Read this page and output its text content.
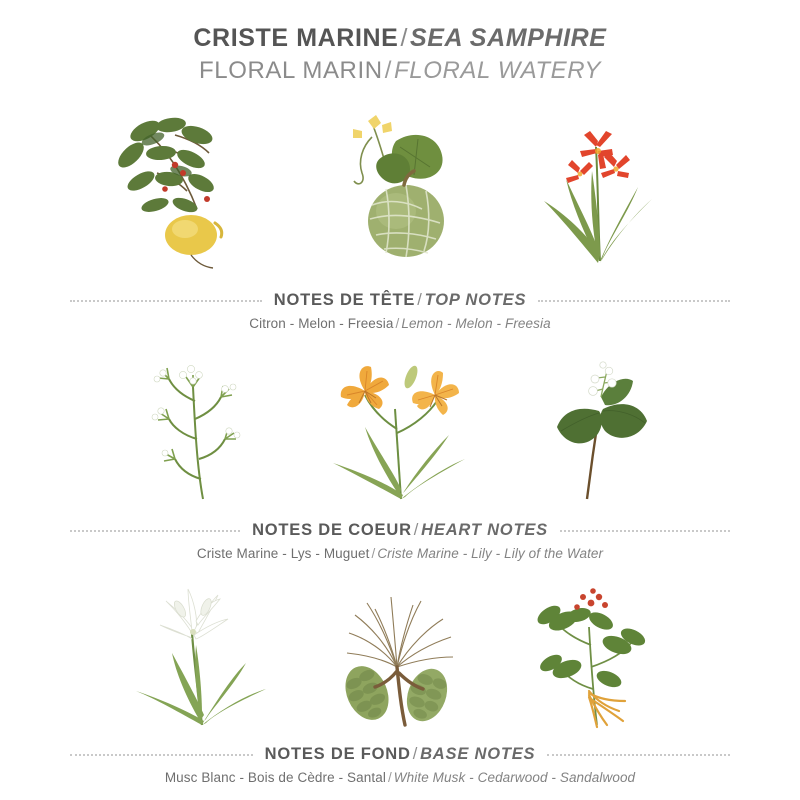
CRISTE MARINE/SEA SAMPHIRE
FLORAL MARIN/FLORAL WATERY
NOTES DE TÊTE / TOP NOTES
Citron - Melon - Freesia / Lemon - Melon - Freesia
NOTES DE COEUR / HEART NOTES
Criste Marine - Lys - Muguet / Criste Marine - Lily - Lily of the Water
NOTES DE FOND / BASE NOTES
Musc Blanc - Bois de Cèdre - Santal / White Musk - Cedarwood - Sandalwood
